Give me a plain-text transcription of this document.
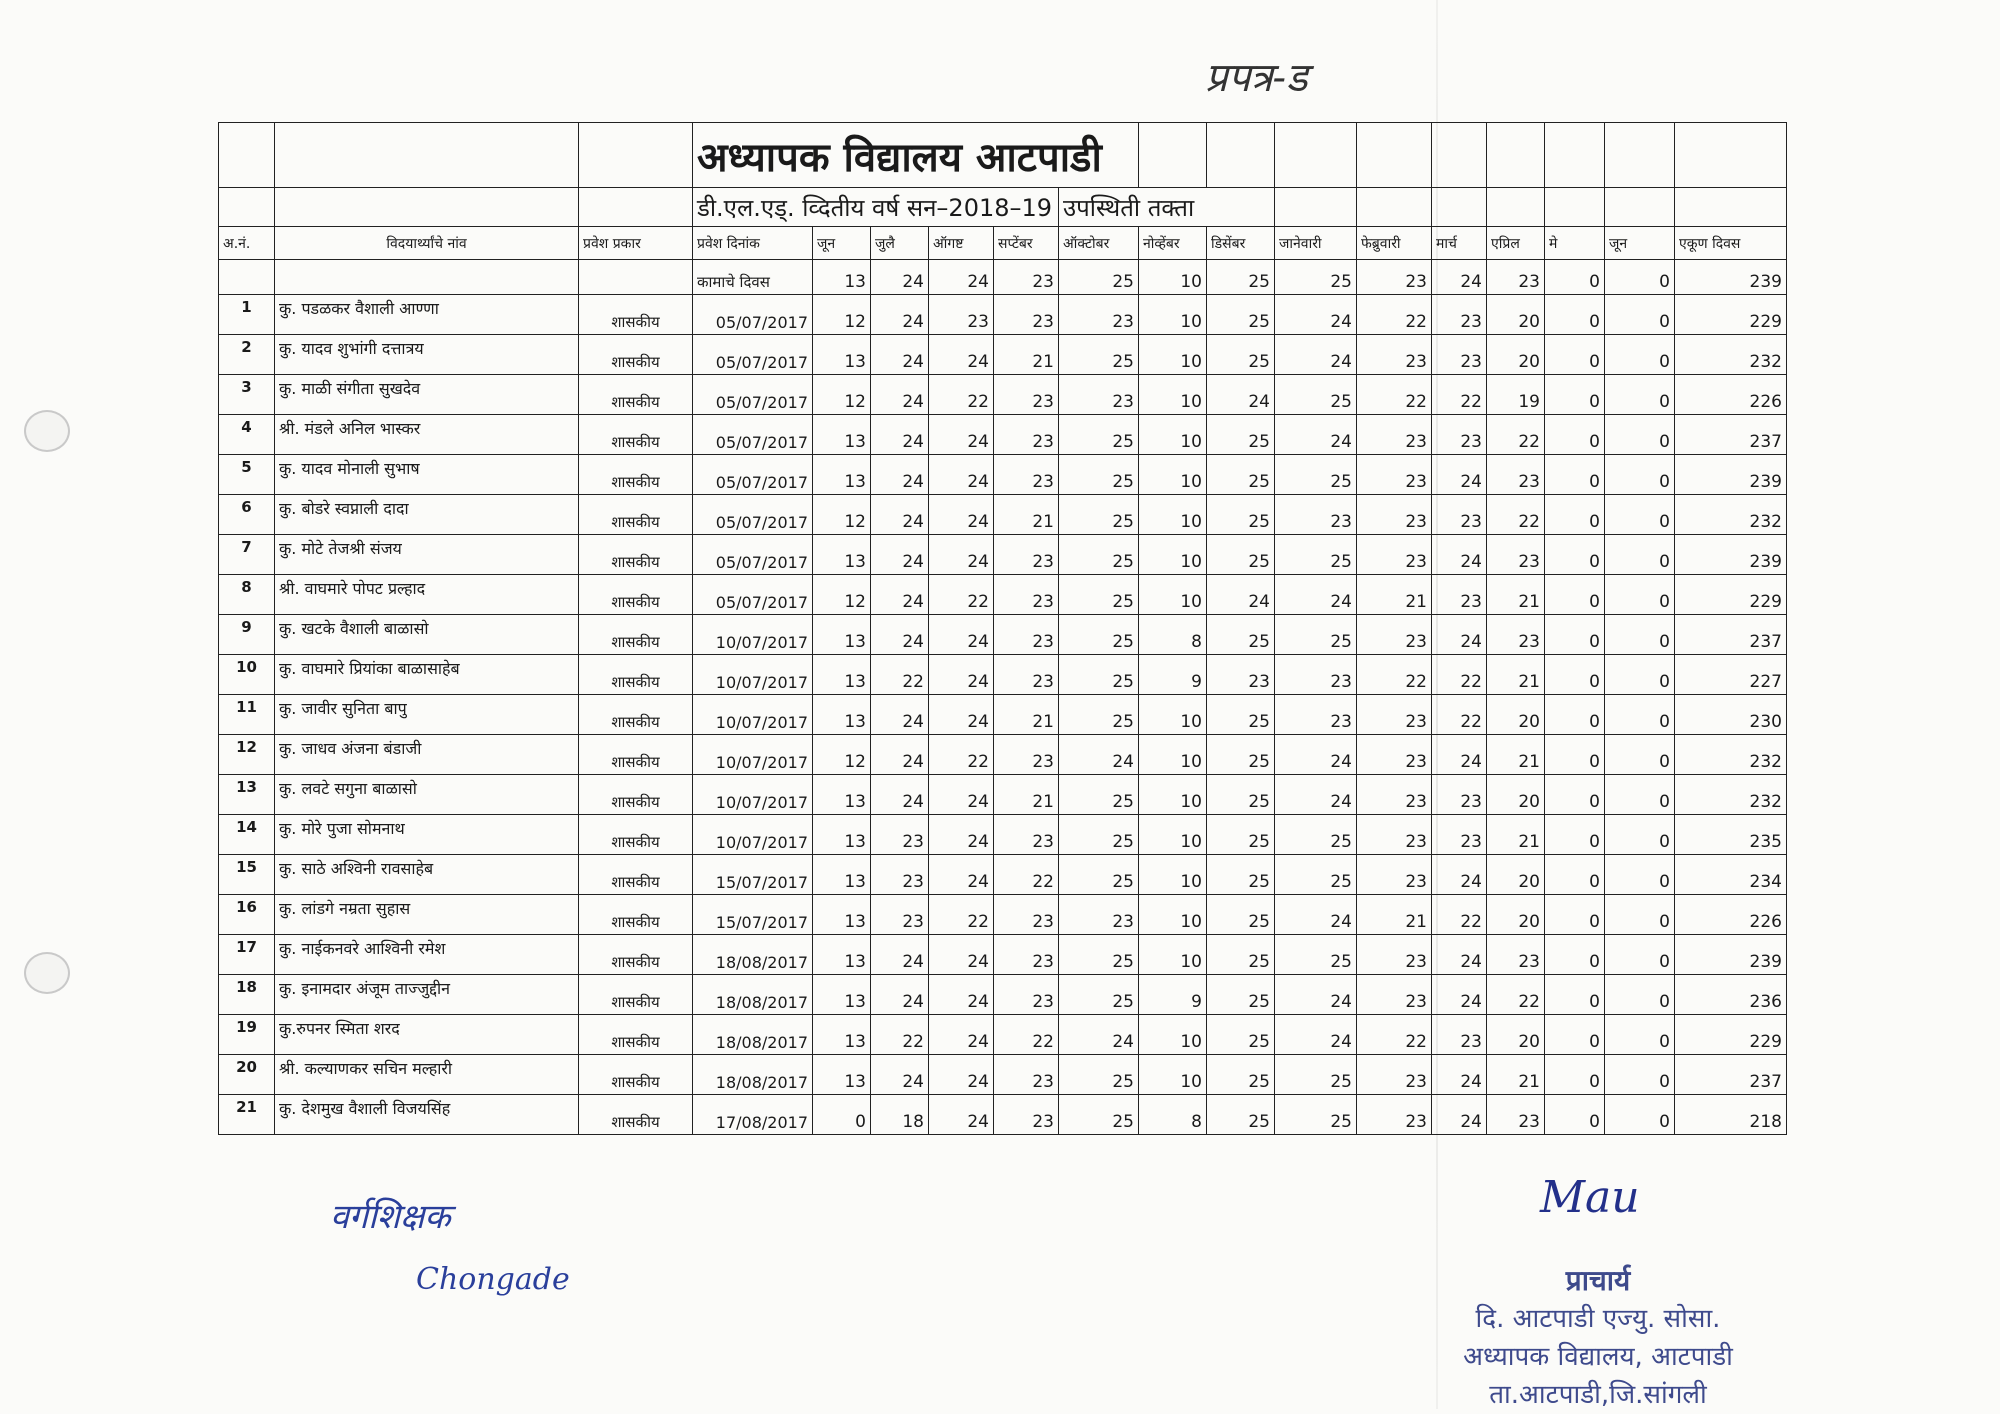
प्रपत्र-ड
			अध्यापक विद्यालय आटपाडी														
			डी.एल.एड्. व्दितीय वर्ष सन–2018–19					उपस्थिती तक्ता									
अ.नं.	विदयार्थ्यांचे नांव	प्रवेश प्रकार	प्रवेश दिनांक	जून	जुलै	ऑगष्ट	सप्टेंबर	ऑक्टोबर	नोव्हेंबर	डिसेंबर	जानेवारी	फेब्रुवारी	मार्च	एप्रिल	मे	जून	एकूण दिवस
			कामाचे दिवस	13	24	24	23	25	10	25	25	23	24	23	0	0	239
1	कु. पडळकर वैशाली आण्णा	शासकीय	05/07/2017	12	24	23	23	23	10	25	24	22	23	20	0	0	229
2	कु. यादव शुभांगी दत्तात्रय	शासकीय	05/07/2017	13	24	24	21	25	10	25	24	23	23	20	0	0	232
3	कु. माळी संगीता सुखदेव	शासकीय	05/07/2017	12	24	22	23	23	10	24	25	22	22	19	0	0	226
4	श्री. मंडले अनिल भास्कर	शासकीय	05/07/2017	13	24	24	23	25	10	25	24	23	23	22	0	0	237
5	कु. यादव मोनाली सुभाष	शासकीय	05/07/2017	13	24	24	23	25	10	25	25	23	24	23	0	0	239
6	कु. बोडरे स्वप्नाली दादा	शासकीय	05/07/2017	12	24	24	21	25	10	25	23	23	23	22	0	0	232
7	कु. मोटे तेजश्री संजय	शासकीय	05/07/2017	13	24	24	23	25	10	25	25	23	24	23	0	0	239
8	श्री. वाघमारे पोपट प्रल्हाद	शासकीय	05/07/2017	12	24	22	23	25	10	24	24	21	23	21	0	0	229
9	कु. खटके वैशाली बाळासो	शासकीय	10/07/2017	13	24	24	23	25	8	25	25	23	24	23	0	0	237
10	कु. वाघमारे प्रियांका बाळासाहेब	शासकीय	10/07/2017	13	22	24	23	25	9	23	23	22	22	21	0	0	227
11	कु. जावीर सुनिता बापु	शासकीय	10/07/2017	13	24	24	21	25	10	25	23	23	22	20	0	0	230
12	कु. जाधव अंजना बंडाजी	शासकीय	10/07/2017	12	24	22	23	24	10	25	24	23	24	21	0	0	232
13	कु. लवटे सगुना बाळासो	शासकीय	10/07/2017	13	24	24	21	25	10	25	24	23	23	20	0	0	232
14	कु. मोरे पुजा सोमनाथ	शासकीय	10/07/2017	13	23	24	23	25	10	25	25	23	23	21	0	0	235
15	कु. साठे अश्विनी रावसाहेब	शासकीय	15/07/2017	13	23	24	22	25	10	25	25	23	24	20	0	0	234
16	कु. लांडगे नम्रता सुहास	शासकीय	15/07/2017	13	23	22	23	23	10	25	24	21	22	20	0	0	226
17	कु. नाईकनवरे आश्विनी रमेश	शासकीय	18/08/2017	13	24	24	23	25	10	25	25	23	24	23	0	0	239
18	कु. इनामदार अंजूम ताज्जुद्दीन	शासकीय	18/08/2017	13	24	24	23	25	9	25	24	23	24	22	0	0	236
19	कु.रुपनर स्मिता शरद	शासकीय	18/08/2017	13	22	24	22	24	10	25	24	22	23	20	0	0	229
20	श्री. कल्याणकर सचिन मल्हारी	शासकीय	18/08/2017	13	24	24	23	25	10	25	25	23	24	21	0	0	237
21	कु. देशमुख वैशाली विजयसिंह	शासकीय	17/08/2017	0	18	24	23	25	8	25	25	23	24	23	0	0	218
वर्गशिक्षक
Chongade
Mau
प्राचार्य
दि. आटपाडी एज्यु. सोसा.
अध्यापक विद्यालय, आटपाडी
ता.आटपाडी,जि.सांगली
